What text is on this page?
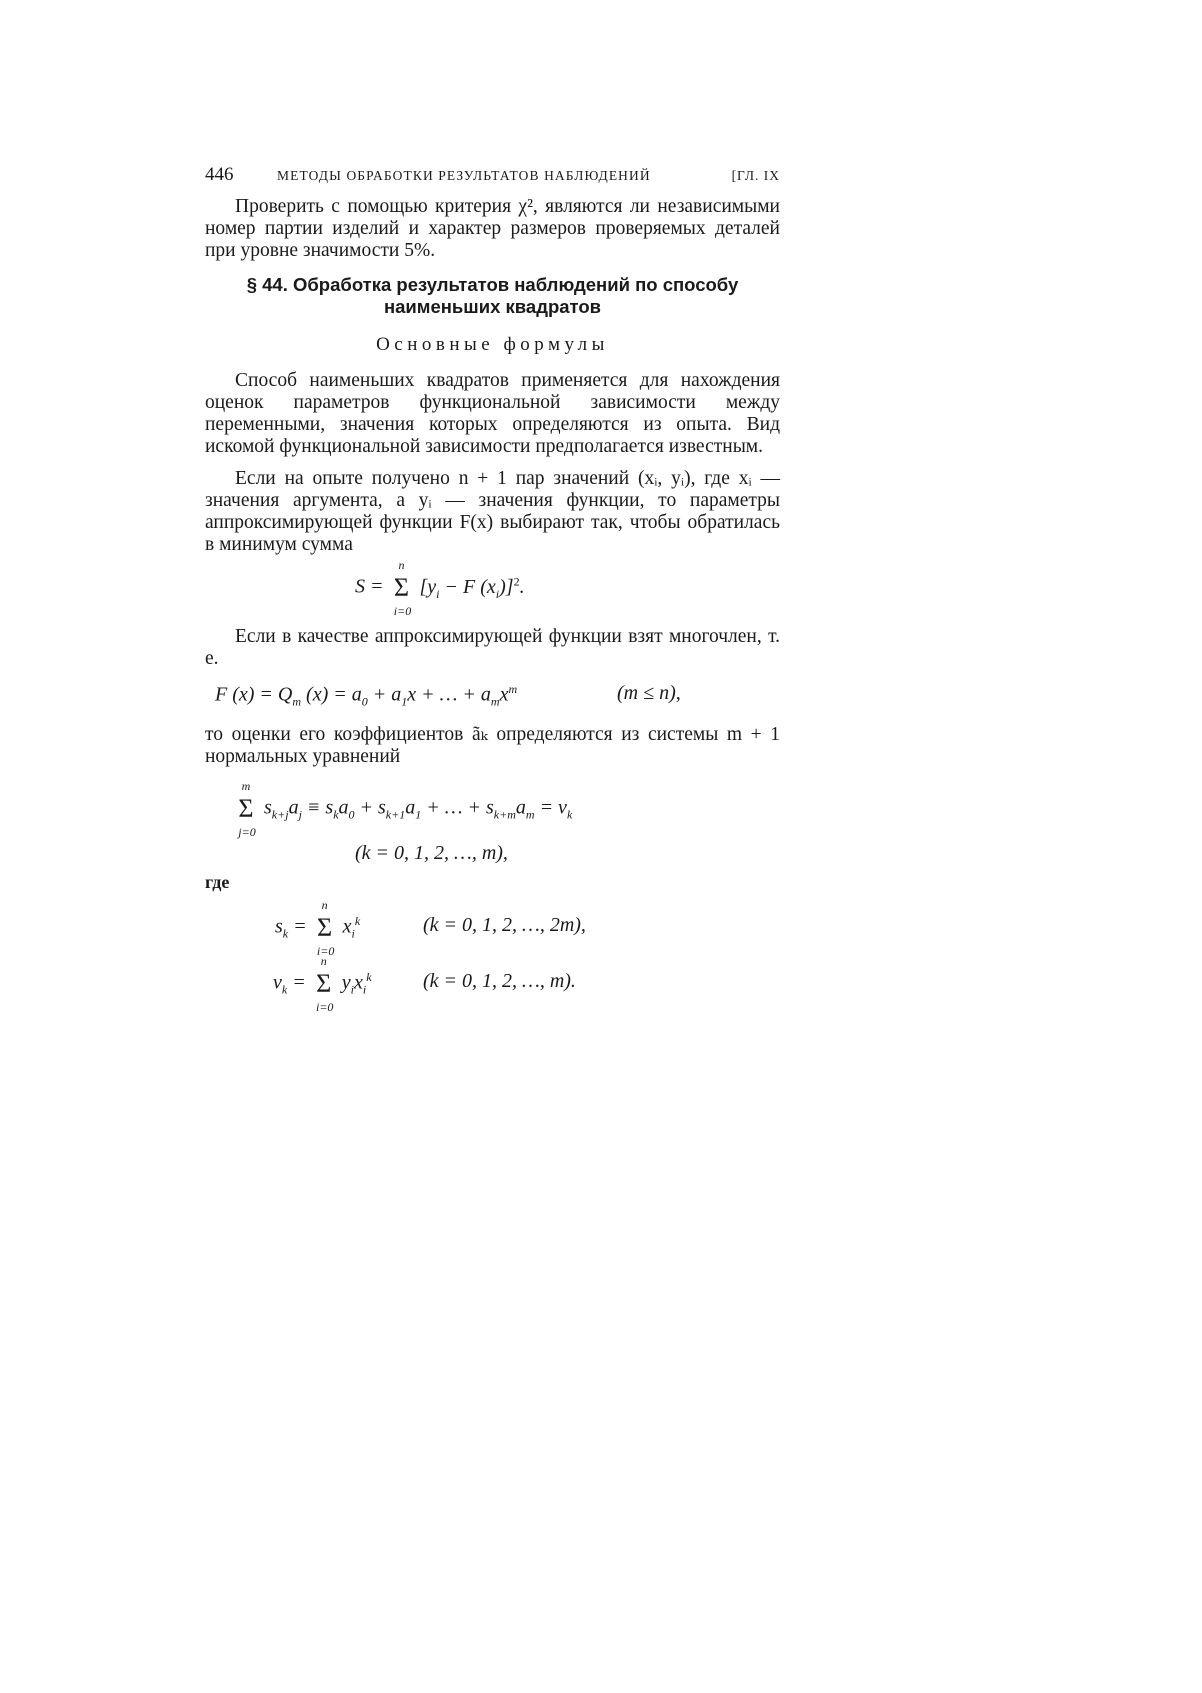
446	МЕТОДЫ ОБРАБОТКИ РЕЗУЛЬТАТОВ НАБЛЮДЕНИЙ	[ГЛ. IX

Проверить с помощью критерия χ², являются ли независимыми номер партии изделий и характер размеров проверяемых деталей при уровне значимости 5%.

§ 44. Обработка результатов наблюдений по способу
наименьших квадратов
Основные формулы

Способ наименьших квадратов применяется для нахождения оценок параметров функциональной зависимости между переменными, значения которых определяются из опыта. Вид искомой функциональной зависимости предполагается известным.

Если на опыте получено n + 1 пар значений (xᵢ, yᵢ), где xᵢ — значения аргумента, а yᵢ — значения функции, то параметры аппроксимирующей функции F(x) выбирают так, чтобы обратилась в минимум сумма

S = Σ
n
i=0
[$y_i - F$ $(x_i)]^2$.

Если в качестве аппроксимирующей функции взят многочлен, т. е.

F $(x) = Q_m$ $(x) = a_0 + a_1x$ + … + $a_mx^m$	(m ≤ n),

то оценки его коэффициентов ãₖ определяются из системы m + 1 нормальных уравнений

Σ
m
j=0
$s_{k+j}a_j \equiv s_ka_0 + s_{k+1}a_1$ + … + $s_{k+m}a_m = v_k$
(k = 0, 1, 2, …, m),
где
$s_k = \Sigma$
n
i=0
$x_i^k$	(k = 0, 1, 2, …, 2m),
$v_k = \Sigma$
n
i=0
$y_ix_i^k$	(k = 0, 1, 2, …, m).
